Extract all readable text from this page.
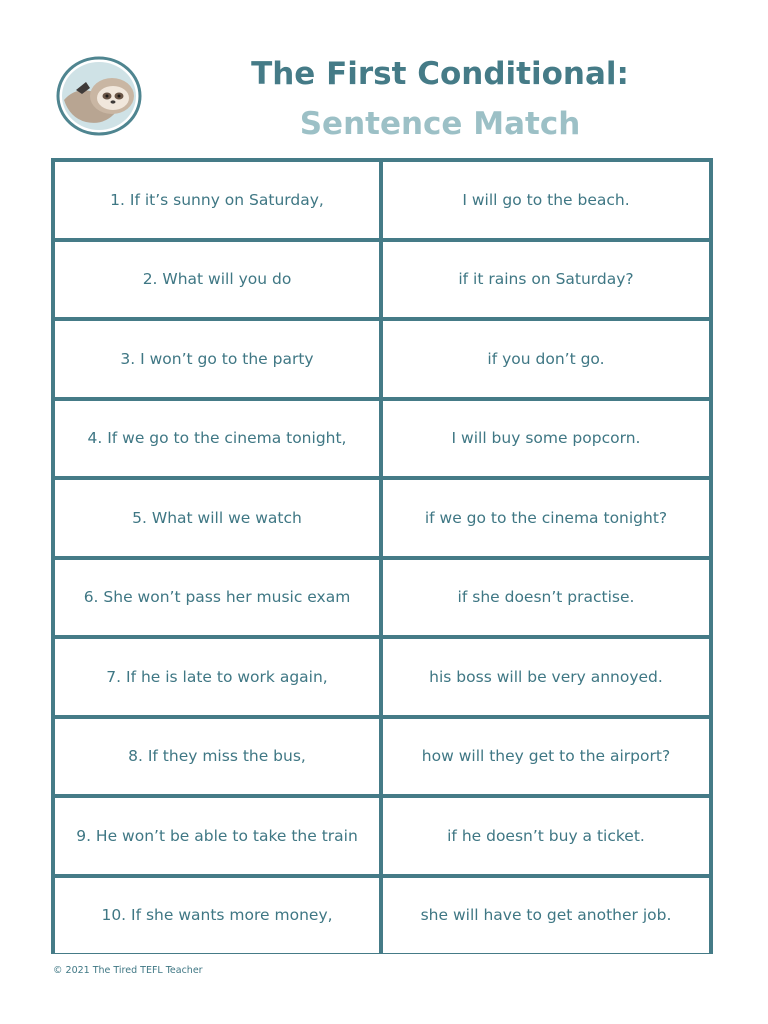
The First Conditional:
Sentence Match
1. If it’s sunny on Saturday,	I will go to the beach.
2. What will you do	if it rains on Saturday?
3. I won’t go to the party	if you don’t go.
4. If we go to the cinema tonight,	I will buy some popcorn.
5. What will we watch	if we go to the cinema tonight?
6. She won’t pass her music exam	if she doesn’t practise.
7. If he is late to work again,	his boss will be very annoyed.
8. If they miss the bus,	how will they get to the airport?
9. He won’t be able to take the train	if he doesn’t buy a ticket.
10. If she wants more money,	she will have to get another job.
© 2021 The Tired TEFL Teacher
